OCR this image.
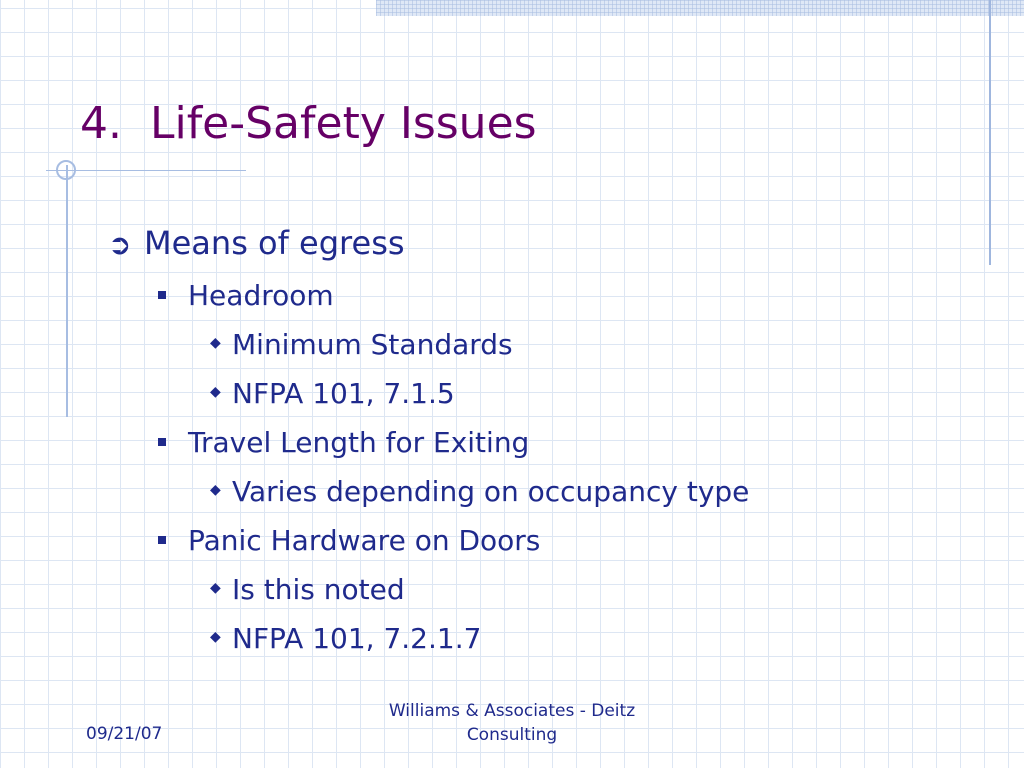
4.  Life-Safety Issues
➲ Means of egress
Headroom
◆ Minimum Standards
◆ NFPA 101, 7.1.5
Travel Length for Exiting
◆ Varies depending on occupancy type
Panic Hardware on Doors
◆ Is this noted
◆ NFPA 101, 7.2.1.7
09/21/07
Williams & Associates - Deitz
Consulting
